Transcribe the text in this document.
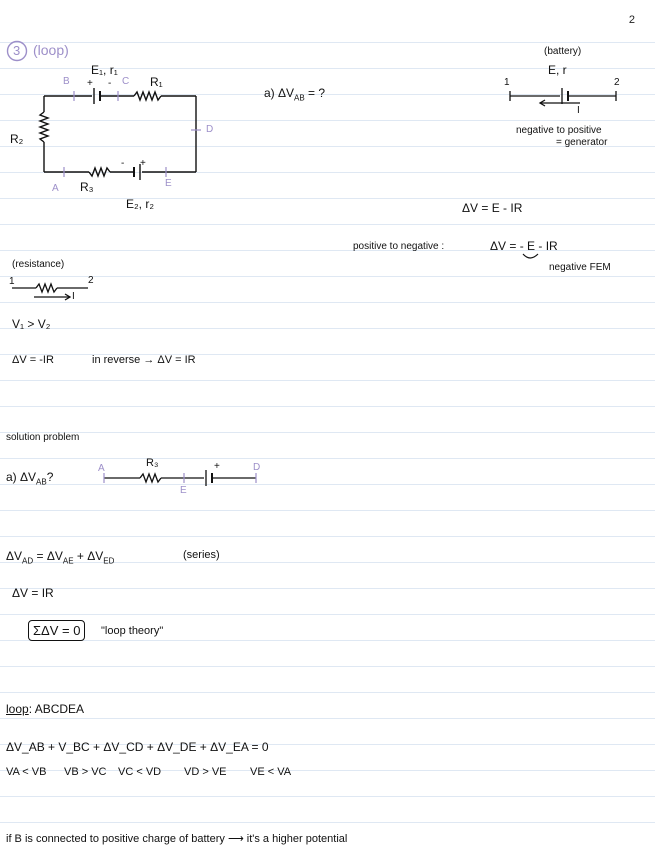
2
3 (loop)
B	C
D
A	E
E₁, r₁
+ -	R₁
R₂
R₃
- +
E₂, r₂
a) $\Delta V_{AB}$ = ?
(battery)
E, r
1	2
I
negative to positive
= generator
ΔV = E - IR
positive to negative :	ΔV = - E - IR
negative FEM
(resistance)
1	2
I
V₁ > V₂
ΔV = -IR	in reverse → ΔV = IR
solution problem
a) $\Delta V_{AB}$?
A	R₃
E
D
+
$\Delta V_{AD} = \Delta V_{AE} + \Delta V_{ED}$	(series)
ΔV = IR
ΣΔV = 0	"loop theory"
loop: ABCDEA
ΔV_AB + V_BC + ΔV_CD + ΔV_DE + ΔV_EA = 0
VA < VB VB > VC VC < VD VD > VE VE < VA
if B is connected to positive charge of battery ⟶ it's a higher potential
